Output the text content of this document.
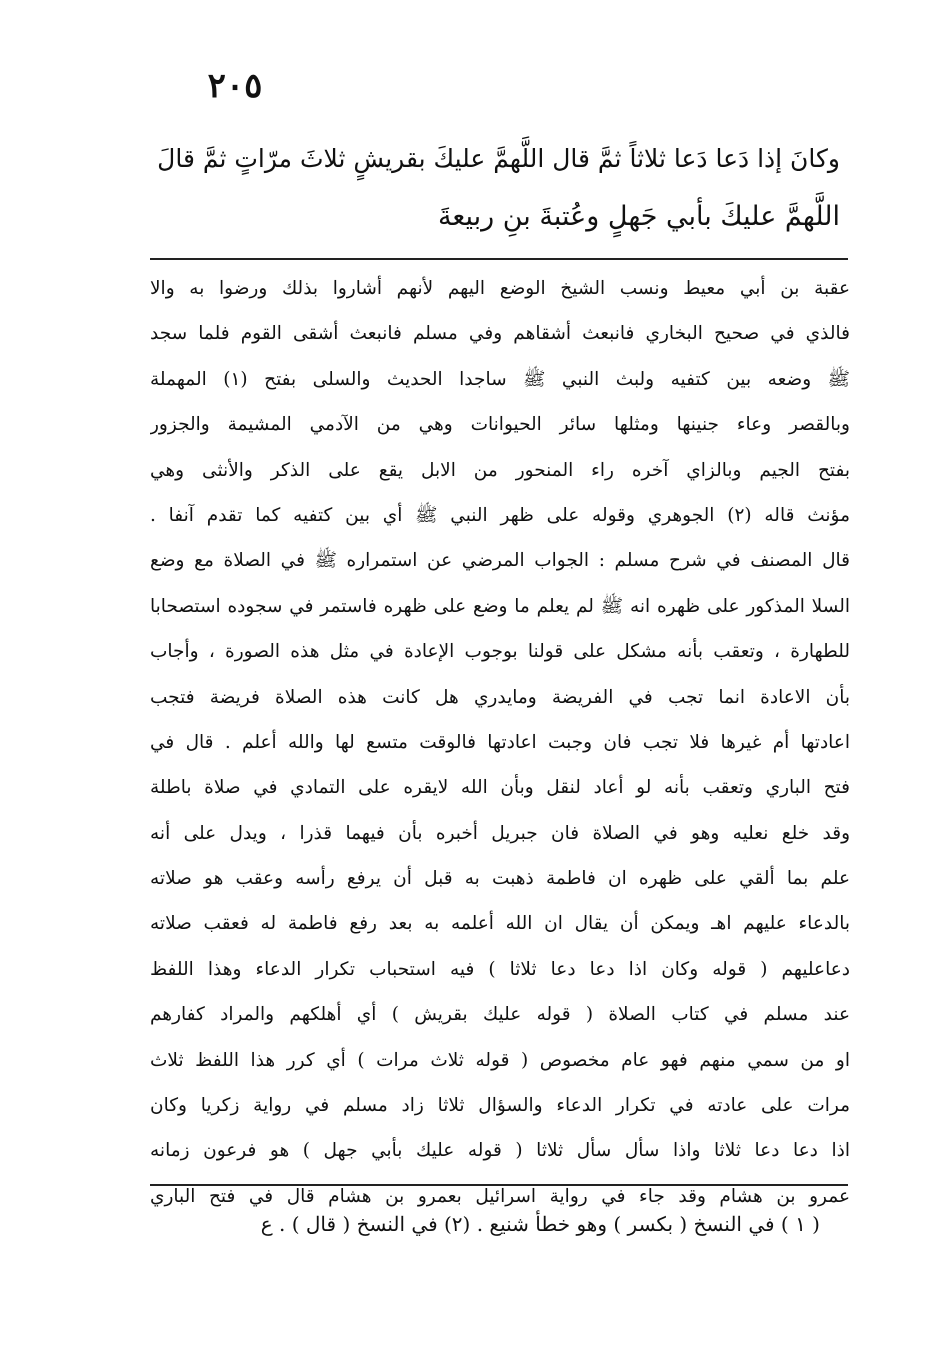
٢٠٥
وكانَ إذا دَعا دَعا ثلاثاً ثمَّ قال اللَّهمَّ عليكَ بقريشٍ ثلاثَ مرّاتٍ ثمَّ قالَ
اللَّهمَّ عليكَ بأبي جَهلٍ وعُتبةَ بنِ ربيعةَ
عقبة بن أبي معيط ونسب الشيخ الوضع اليهم لأنهم أشاروا بذلك ورضوا به والا
فالذي في صحيح البخاري فانبعث أشقاهم وفي مسلم فانبعث أشقى القوم فلما سجد
ﷺ وضعه بين كتفيه ولبث النبي ﷺ ساجدا الحديث والسلى بفتح (١) المهملة
وبالقصر وعاء جنينها ومثلها سائر الحيوانات وهي من الآدمي المشيمة والجزور
بفتح الجيم وبالزاي آخره راء المنحور من الابل يقع على الذكر والأنثى وهي
مؤنث قاله (٢) الجوهري وقوله على ظهر النبي ﷺ أي بين كتفيه كما تقدم آنفا .
قال المصنف في شرح مسلم : الجواب المرضي عن استمراره ﷺ في الصلاة مع وضع
السلا المذكور على ظهره انه ﷺ لم يعلم ما وضع على ظهره فاستمر في سجوده استصحابا
للطهارة ، وتعقب بأنه مشكل على قولنا بوجوب الإعادة في مثل هذه الصورة ، وأجاب
بأن الاعادة انما تجب في الفريضة ومايدري هل كانت هذه الصلاة فريضة فتجب
اعادتها أم غيرها فلا تجب فان وجبت اعادتها فالوقت متسع لها والله أعلم . قال في
فتح الباري وتعقب بأنه لو أعاد لنقل وبأن الله لايقره على التمادي في صلاة باطلة
وقد خلع نعليه وهو في الصلاة فان جبريل أخبره بأن فيهما قذرا ، ويدل على أنه
علم بما ألقي على ظهره ان فاطمة ذهبت به قبل أن يرفع رأسه وعقب هو صلاته
بالدعاء عليهم اهـ ويمكن أن يقال ان الله أعلمه به بعد رفع فاطمة له فعقب صلاته
دعاعليهم ( قوله وكان اذا دعا دعا ثلاثا ) فيه استحباب تكرار الدعاء وهذا اللفظ
عند مسلم في كتاب الصلاة ( قوله عليك بقريش ) أي أهلكهم والمراد كفارهم
او من سمي منهم فهو عام مخصوص ( قوله ثلاث مرات ) أي كرر هذا اللفظ ثلاث
مرات على عادته في تكرار الدعاء والسؤال ثلاثا زاد مسلم في رواية زكريا وكان
اذا دعا دعا ثلاثا واذا سأل سأل ثلاثا ( قوله عليك بأبي جهل ) هو فرعون زمانه
عمرو بن هشام وقد جاء في رواية اسرائيل بعمرو بن هشام قال في فتح الباري
( ١ ) في النسخ ( بكسر ) وهو خطأ شنيع . (٢) في النسخ ( قال ) . ع
